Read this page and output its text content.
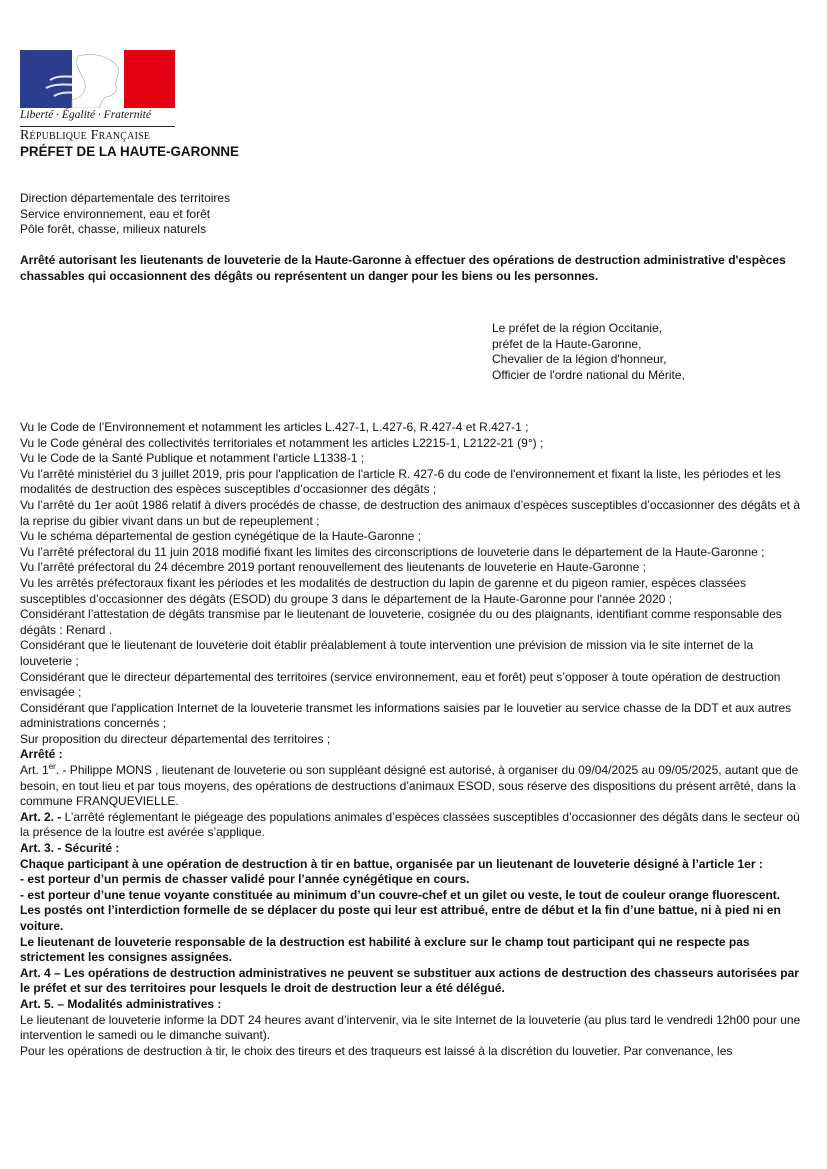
Liberté · Égalité · Fraternité
République Française
PRÉFET DE LA HAUTE-GARONNE
Direction départementale des territoires
Service environnement, eau et forêt
Pôle forêt, chasse, milieux naturels
Arrêté autorisant les lieutenants de louveterie de la Haute-Garonne à effectuer des opérations de destruction administrative d'espèces chassables qui occasionnent des dégâts ou représentent un danger pour les biens ou les personnes.
Le préfet de la région Occitanie,
préfet de la Haute-Garonne,
Chevalier de la légion d'honneur,
Officier de l'ordre national du Mérite,

Vu le Code de l’Environnement et notamment les articles L.427-1, L.427-6, R.427-4 et R.427-1 ;

Vu le Code général des collectivités territoriales et notamment les articles L2215-1, L2122-21 (9°) ;

Vu le Code de la Santé Publique et notamment l'article L1338-1 ;

Vu l’arrêté ministériel du 3 juillet 2019, pris pour l'application de l'article R. 427-6 du code de l'environnement et fixant la liste, les périodes et les modalités de destruction des espèces susceptibles d’occasionner des dégâts ;

Vu l’arrêté du 1er août 1986 relatif à divers procédés de chasse, de destruction des animaux d’espèces susceptibles d’occasionner des dégâts et à la reprise du gibier vivant dans un but de repeuplement ;

Vu le schéma départemental de gestion cynégétique de la Haute-Garonne ;

Vu l’arrêté préfectoral du 11 juin 2018 modifié fixant les limites des circonscriptions de louveterie dans le département de la Haute-Garonne ;

Vu l’arrêté préfectoral du 24 décembre 2019 portant renouvellement des lieutenants de louveterie en Haute-Garonne ;

Vu les arrêtés préfectoraux fixant les périodes et les modalités de destruction du lapin de garenne et du pigeon ramier, espèces classées susceptibles d’occasionner des dégâts (ESOD) du groupe 3 dans le département de la Haute-Garonne pour l'année 2020 ;

Considérant l’attestation de dégâts transmise par le lieutenant de louveterie, cosignée du ou des plaignants, identifiant comme responsable des dégâts : Renard .

Considérant que le lieutenant de louveterie doit établir préalablement à toute intervention une prévision de mission via le site internet de la louveterie ;

Considérant que le directeur départemental des territoires (service environnement, eau et forêt) peut s’opposer à toute opération de destruction envisagée ;

Considérant que l'application Internet de la louveterie transmet les informations saisies par le louvetier au service chasse de la DDT et aux autres administrations concernés ;

Sur proposition du directeur départemental des territoires ;

Arrêté :

Art. 1er. - Philippe MONS , lieutenant de louveterie ou son suppléant désigné est autorisé, à organiser du 09/04/2025 au 09/05/2025, autant que de besoin, en tout lieu et par tous moyens, des opérations de destructions d’animaux ESOD, sous réserve des dispositions du présent arrêté, dans la commune FRANQUEVIELLE.

Art. 2. - L’arrêté réglementant le piégeage des populations animales d’espèces classées susceptibles d’occasionner des dégâts dans le secteur où la présence de la loutre est avérée s’applique.

Art. 3. - Sécurité :

Chaque participant à une opération de destruction à tir en battue, organisée par un lieutenant de louveterie désigné à l’article 1er :

- est porteur d’un permis de chasser validé pour l’année cynégétique en cours.

- est porteur d’une tenue voyante constituée au minimum d’un couvre-chef et un gilet ou veste, le tout de couleur orange fluorescent.

Les postés ont l’interdiction formelle de se déplacer du poste qui leur est attribué, entre de début et la fin d’une battue, ni à pied ni en voiture.

Le lieutenant de louveterie responsable de la destruction est habilité à exclure sur le champ tout participant qui ne respecte pas strictement les consignes assignées.

Art. 4 – Les opérations de destruction administratives ne peuvent se substituer aux actions de destruction des chasseurs autorisées par le préfet et sur des territoires pour lesquels le droit de destruction leur a été délégué.

Art. 5. – Modalités administratives :

Le lieutenant de louveterie informe la DDT 24 heures avant d’intervenir, via le site Internet de la louveterie (au plus tard le vendredi 12h00 pour une intervention le samedi ou le dimanche suivant).

Pour les opérations de destruction à tir, le choix des tireurs et des traqueurs est laissé à la discrétion du louvetier. Par convenance, les
